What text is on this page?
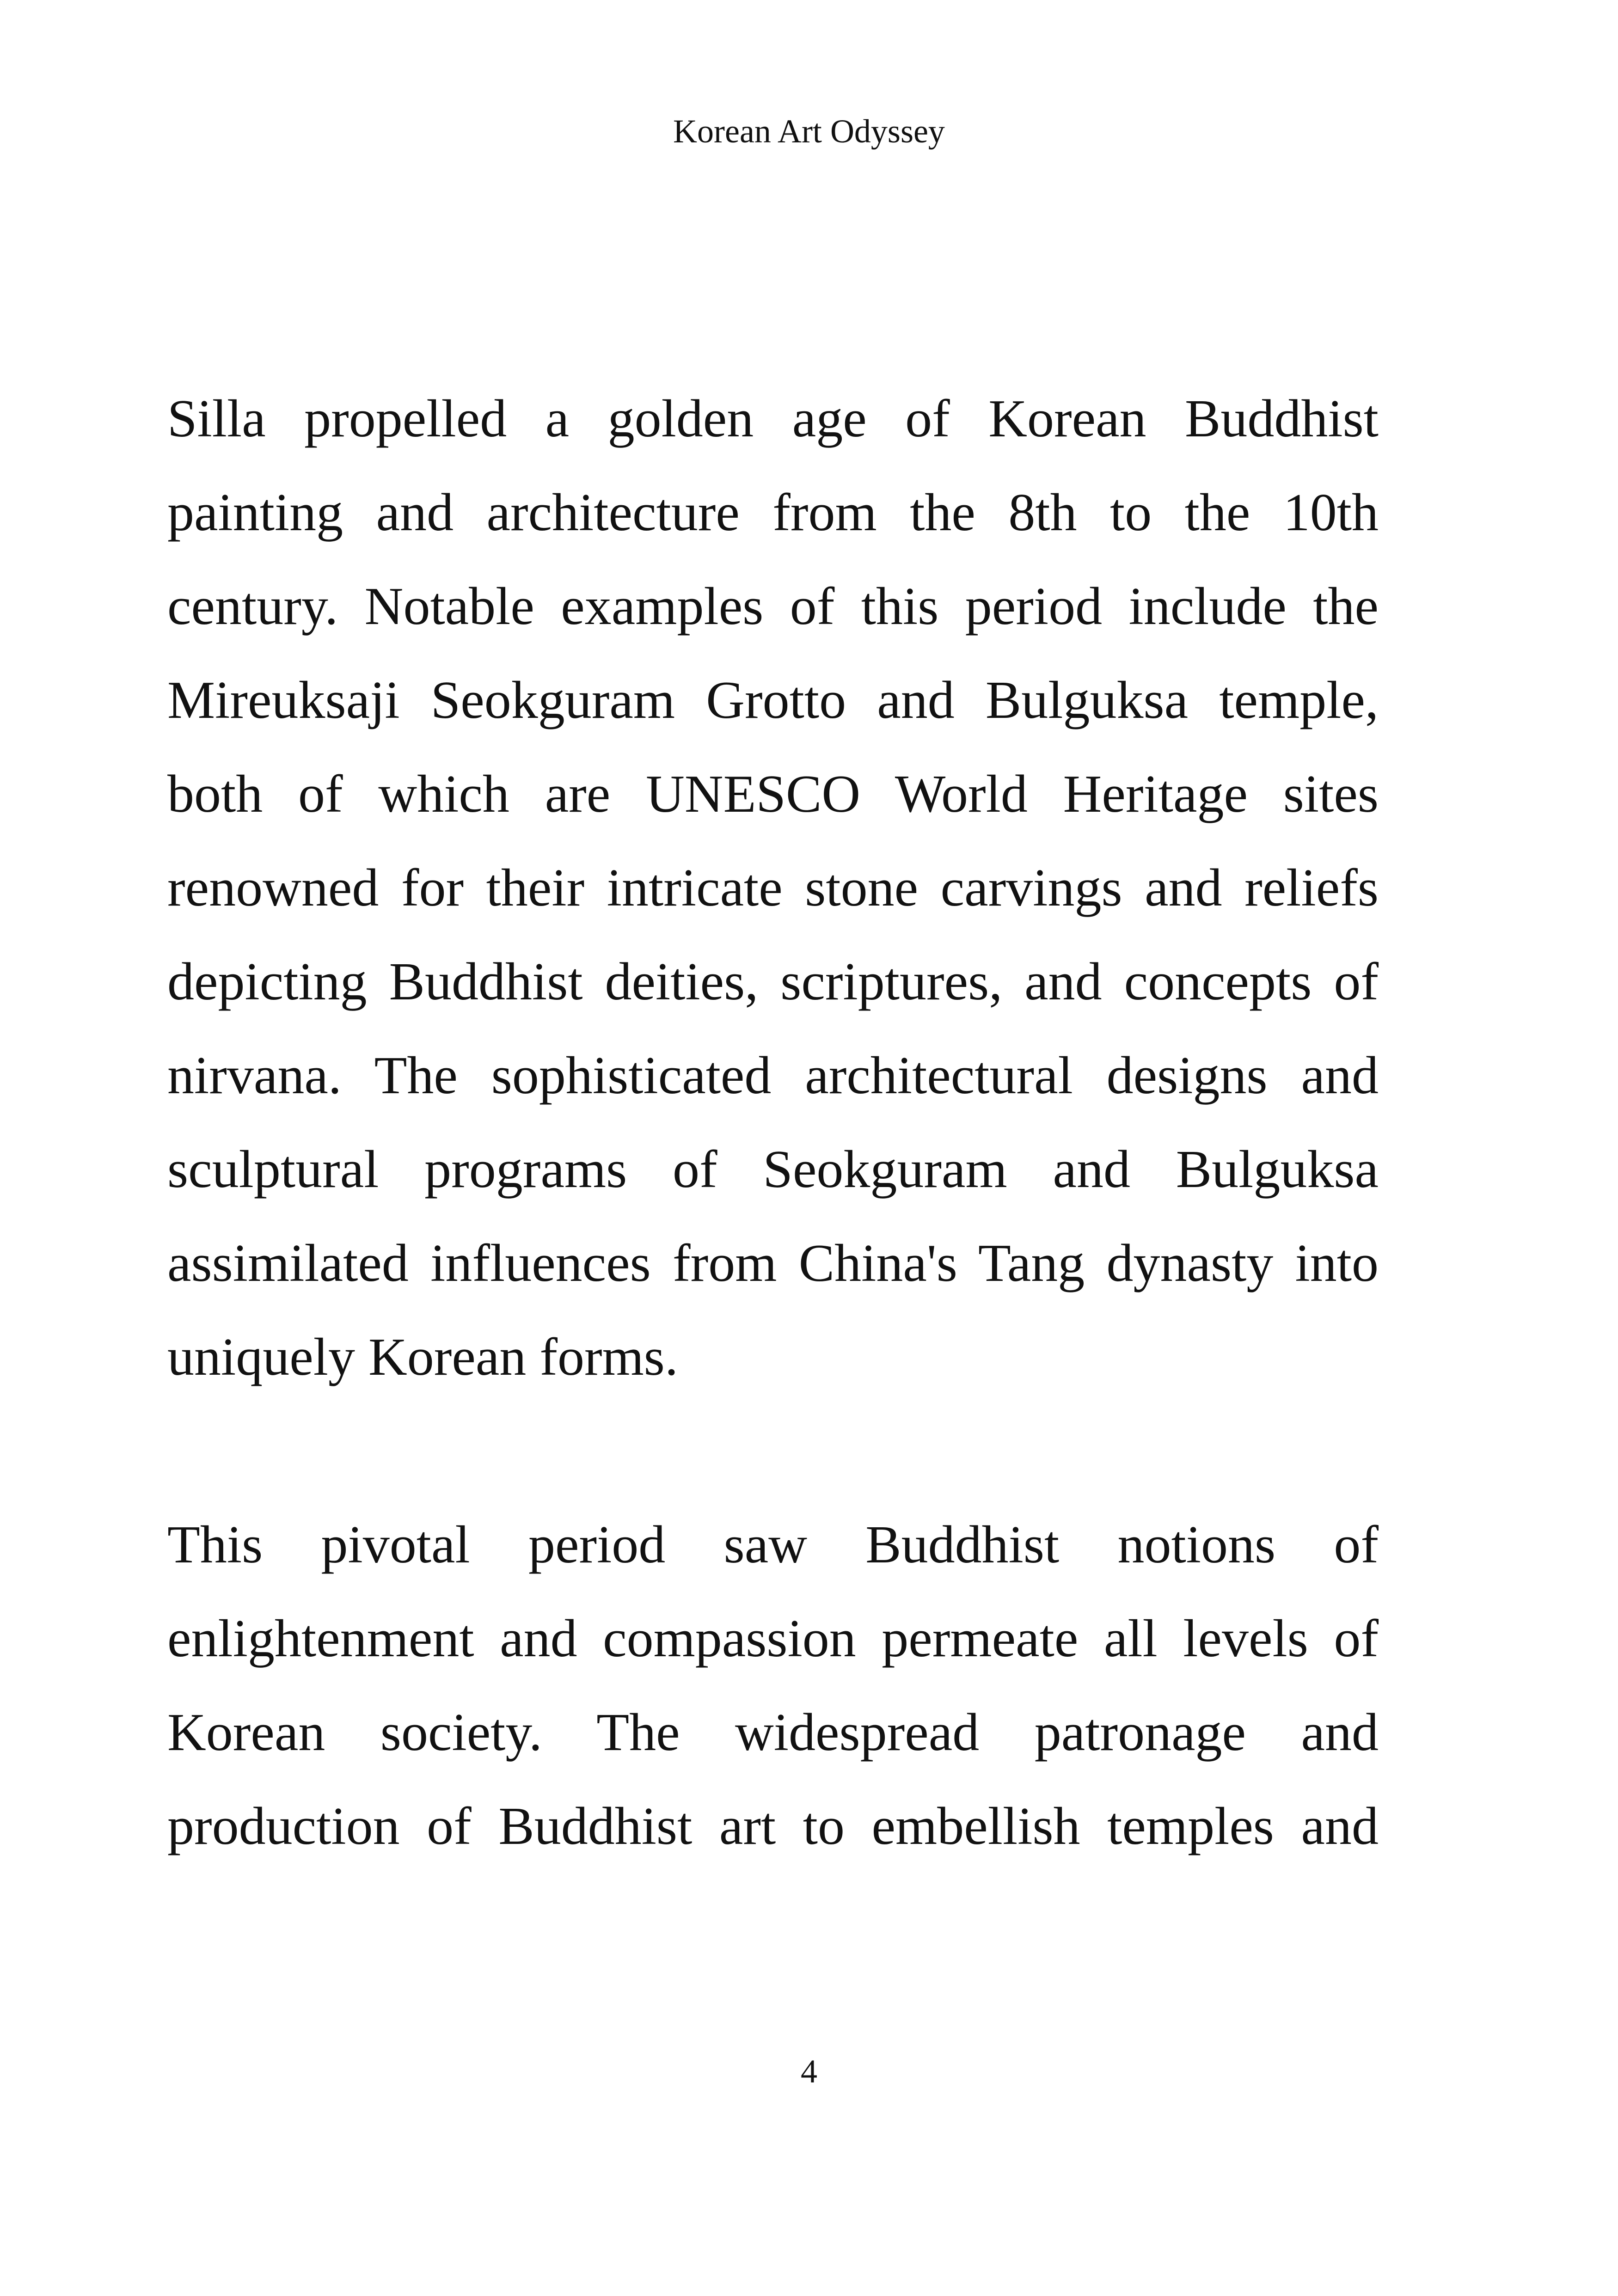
Korean Art Odyssey

Silla propelled a golden age of Korean Buddhist painting and architecture from the 8th to the 10th century. Notable examples of this period include the Mireuksaji Seokguram Grotto and Bulguksa temple, both of which are UNESCO World Heritage sites renowned for their intricate stone carvings and reliefs depicting Buddhist deities, scriptures, and concepts of nirvana. The sophisticated architectural designs and sculptural programs of Seokguram and Bulguksa assimilated influences from China's Tang dynasty into uniquely Korean forms.

This pivotal period saw Buddhist notions of enlightenment and compassion permeate all levels of Korean society. The widespread patronage and production of Buddhist art to embellish temples and

4
